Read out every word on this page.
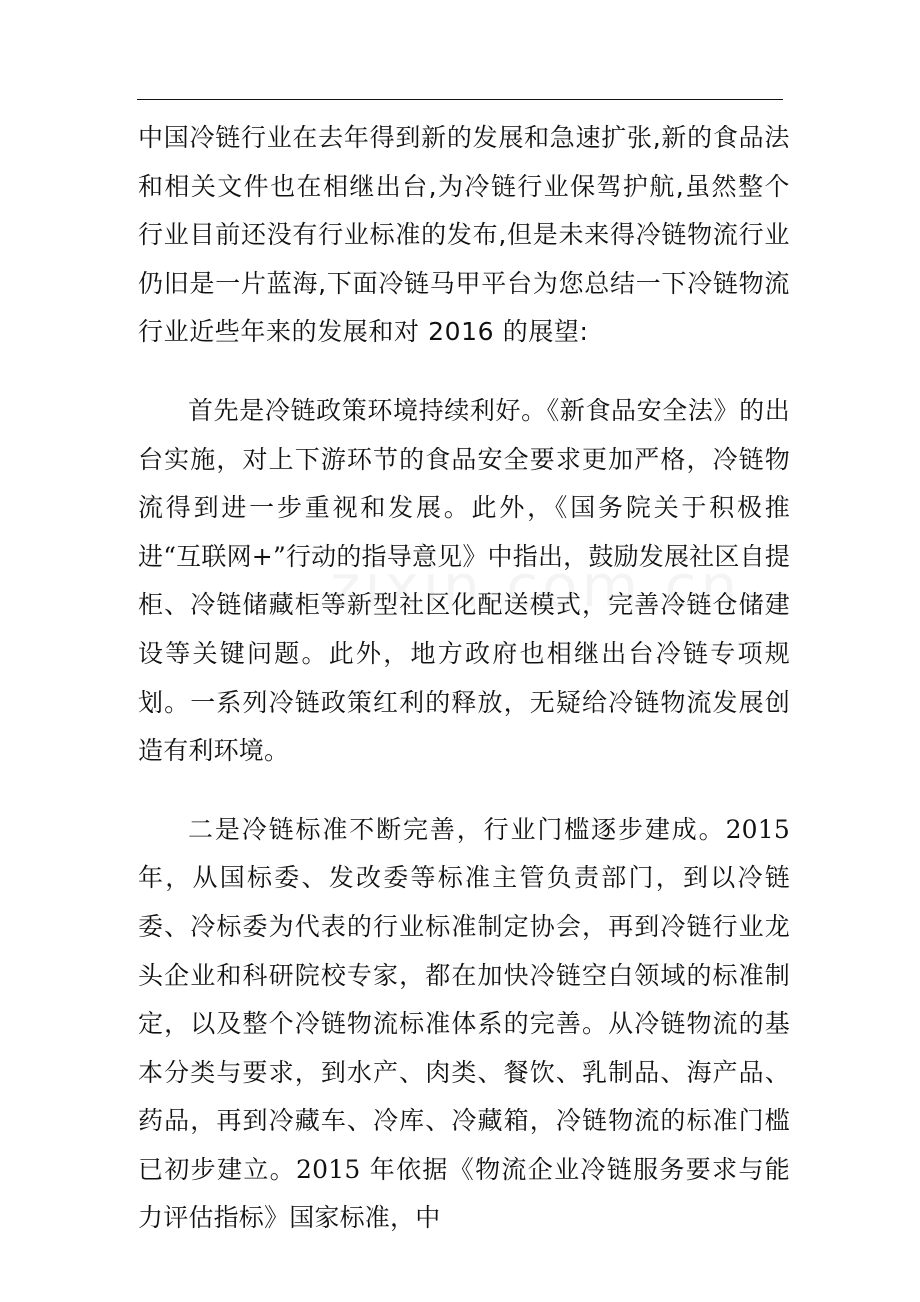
中国冷链行业在去年得到新的发展和急速扩张,新的食品法和相关文件也在相继出台,为冷链行业保驾护航,虽然整个行业目前还没有行业标准的发布,但是未来得冷链物流行业仍旧是一片蓝海,下面冷链马甲平台为您总结一下冷链物流行业近些年来的发展和对 2016 的展望:

首先是冷链政策环境持续利好。《新食品安全法》的出台实施，对上下游环节的食品安全要求更加严格，冷链物流得到进一步重视和发展。此外，《国务院关于积极推进“互联网+”行动的指导意见》中指出，鼓励发展社区自提柜、冷链储藏柜等新型社区化配送模式，完善冷链仓储建设等关键问题。此外，地方政府也相继出台冷链专项规划。一系列冷链政策红利的释放，无疑给冷链物流发展创造有利环境。

二是冷链标准不断完善，行业门槛逐步建成。2015 年，从国标委、发改委等标准主管负责部门，到以冷链委、冷标委为代表的行业标准制定协会，再到冷链行业龙头企业和科研院校专家，都在加快冷链空白领域的标准制定，以及整个冷链物流标准体系的完善。从冷链物流的基本分类与要求，到水产、肉类、餐饮、乳制品、海产品、药品，再到冷藏车、冷库、冷藏箱，冷链物流的标准门槛已初步建立。2015 年依据《物流企业冷链服务要求与能力评估指标》国家标准，中
